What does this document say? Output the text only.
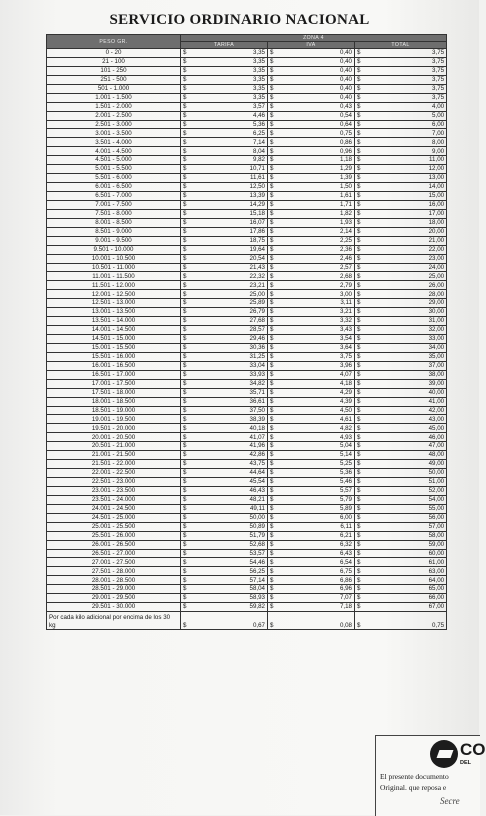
SERVICIO ORDINARIO NACIONAL
PESO GR.	ZONA 4					
	TARIFA		IVA		TOTAL	
0 - 20	$	3,35	$	0,40	$	3,75
21 - 100	$	3,35	$	0,40	$	3,75
101 - 250	$	3,35	$	0,40	$	3,75
251 - 500	$	3,35	$	0,40	$	3,75
501 - 1.000	$	3,35	$	0,40	$	3,75
1.001 - 1.500	$	3,35	$	0,40	$	3,75
1.501 - 2.000	$	3,57	$	0,43	$	4,00
2.001 - 2.500	$	4,46	$	0,54	$	5,00
2.501 - 3.000	$	5,36	$	0,64	$	6,00
3.001 - 3.500	$	6,25	$	0,75	$	7,00
3.501 - 4.000	$	7,14	$	0,86	$	8,00
4.001 - 4.500	$	8,04	$	0,96	$	9,00
4.501 - 5.000	$	9,82	$	1,18	$	11,00
5.001 - 5.500	$	10,71	$	1,29	$	12,00
5.501 - 6.000	$	11,61	$	1,39	$	13,00
6.001 - 6.500	$	12,50	$	1,50	$	14,00
6.501 - 7.000	$	13,39	$	1,61	$	15,00
7.001 - 7.500	$	14,29	$	1,71	$	16,00
7.501 - 8.000	$	15,18	$	1,82	$	17,00
8.001 - 8.500	$	16,07	$	1,93	$	18,00
8.501 - 9.000	$	17,86	$	2,14	$	20,00
9.001 - 9.500	$	18,75	$	2,25	$	21,00
9.501 - 10.000	$	19,64	$	2,36	$	22,00
10.001 - 10.500	$	20,54	$	2,46	$	23,00
10.501 - 11.000	$	21,43	$	2,57	$	24,00
11.001 - 11.500	$	22,32	$	2,68	$	25,00
11.501 - 12.000	$	23,21	$	2,79	$	26,00
12.001 - 12.500	$	25,00	$	3,00	$	28,00
12.501 - 13.000	$	25,89	$	3,11	$	29,00
13.001 - 13.500	$	26,79	$	3,21	$	30,00
13.501 - 14.000	$	27,68	$	3,32	$	31,00
14.001 - 14.500	$	28,57	$	3,43	$	32,00
14.501 - 15.000	$	29,46	$	3,54	$	33,00
15.001 - 15.500	$	30,36	$	3,64	$	34,00
15.501 - 16.000	$	31,25	$	3,75	$	35,00
16.001 - 16.500	$	33,04	$	3,96	$	37,00
16.501 - 17.000	$	33,93	$	4,07	$	38,00
17.001 - 17.500	$	34,82	$	4,18	$	39,00
17.501 - 18.000	$	35,71	$	4,29	$	40,00
18.001 - 18.500	$	36,61	$	4,39	$	41,00
18.501 - 19.000	$	37,50	$	4,50	$	42,00
19.001 - 19.500	$	38,39	$	4,61	$	43,00
19.501 - 20.000	$	40,18	$	4,82	$	45,00
20.001 - 20.500	$	41,07	$	4,93	$	46,00
20.501 - 21.000	$	41,96	$	5,04	$	47,00
21.001 - 21.500	$	42,86	$	5,14	$	48,00
21.501 - 22.000	$	43,75	$	5,25	$	49,00
22.001 - 22.500	$	44,64	$	5,36	$	50,00
22.501 - 23.000	$	45,54	$	5,46	$	51,00
23.001 - 23.500	$	46,43	$	5,57	$	52,00
23.501 - 24.000	$	48,21	$	5,79	$	54,00
24.001 - 24.500	$	49,11	$	5,89	$	55,00
24.501 - 25.000	$	50,00	$	6,00	$	56,00
25.001 - 25.500	$	50,89	$	6,11	$	57,00
25.501 - 26.000	$	51,79	$	6,21	$	58,00
26.001 - 26.500	$	52,68	$	6,32	$	59,00
26.501 - 27.000	$	53,57	$	6,43	$	60,00
27.001 - 27.500	$	54,46	$	6,54	$	61,00
27.501 - 28.000	$	56,25	$	6,75	$	63,00
28.001 - 28.500	$	57,14	$	6,86	$	64,00
28.501 - 29.000	$	58,04	$	6,96	$	65,00
29.001 - 29.500	$	58,93	$	7,07	$	66,00
29.501 - 30.000	$	59,82	$	7,18	$	67,00
Por cada kilo adicional por encima de los 30 kg	$	0,67	$	0,08	$	0,75
CO
DEL
El presente documento
Original. que reposa e
Secre
